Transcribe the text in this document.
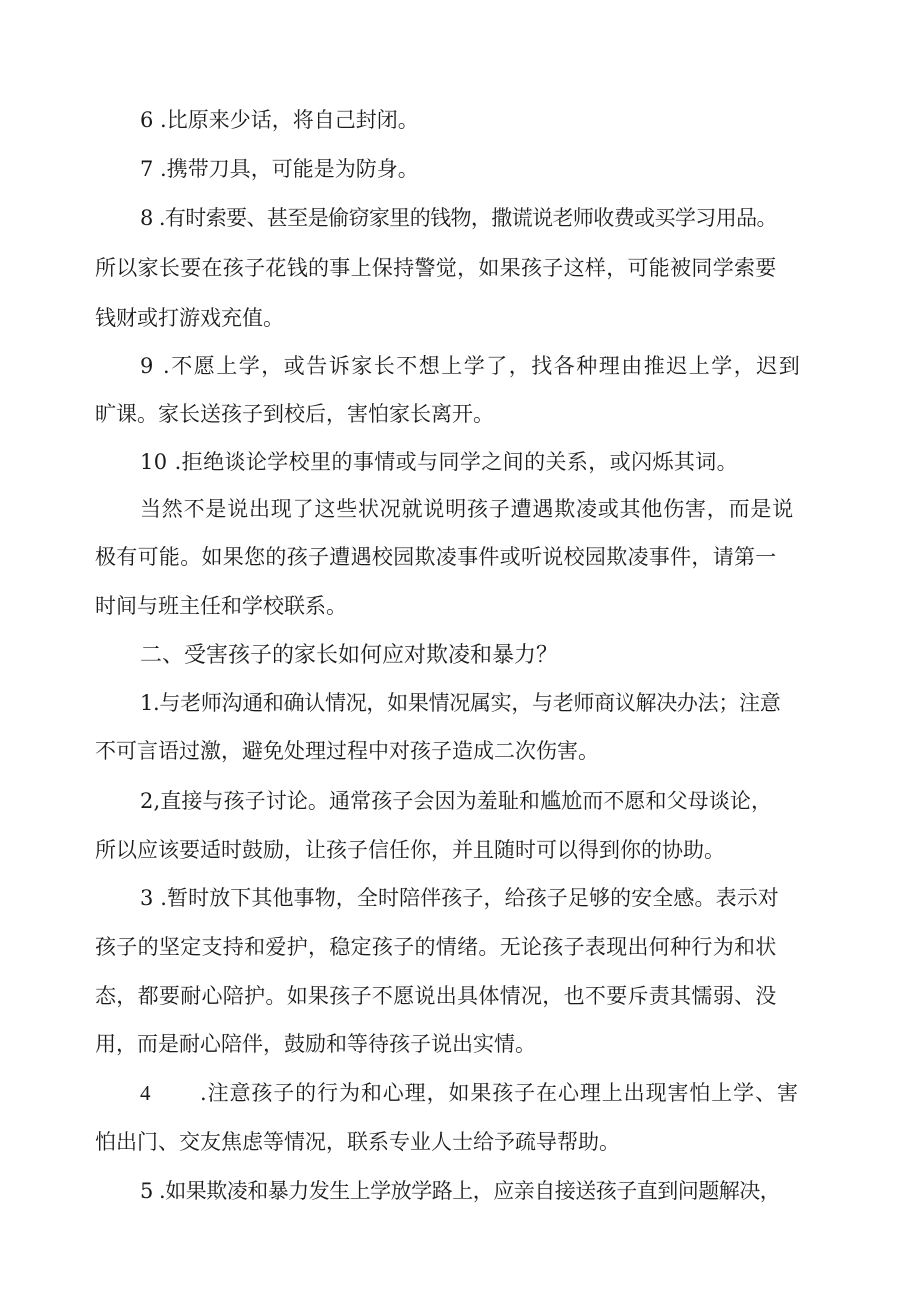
6 .比原来少话，将自己封闭。
7 .携带刀具，可能是为防身。
8 .有时索要、甚至是偷窃家里的钱物，撒谎说老师收费或买学习用品。
所以家长要在孩子花钱的事上保持警觉，如果孩子这样，可能被同学索要
钱财或打游戏充值。
9 .不愿上学，或告诉家长不想上学了，找各种理由推迟上学，迟到
旷课。家长送孩子到校后，害怕家长离开。
10 .拒绝谈论学校里的事情或与同学之间的关系，或闪烁其词。
当然不是说出现了这些状况就说明孩子遭遇欺凌或其他伤害，而是说
极有可能。如果您的孩子遭遇校园欺凌事件或听说校园欺凌事件，请第一
时间与班主任和学校联系。
二、受害孩子的家长如何应对欺凌和暴力？
1.与老师沟通和确认情况，如果情况属实，与老师商议解决办法；注意
不可言语过激，避免处理过程中对孩子造成二次伤害。
2,直接与孩子讨论。通常孩子会因为羞耻和尴尬而不愿和父母谈论，
所以应该要适时鼓励，让孩子信任你，并且随时可以得到你的协助。
3 .暂时放下其他事物，全时陪伴孩子，给孩子足够的安全感。表示对
孩子的坚定支持和爱护，稳定孩子的情绪。无论孩子表现出何种行为和状
态，都要耐心陪护。如果孩子不愿说出具体情况，也不要斥责其懦弱、没
用，而是耐心陪伴，鼓励和等待孩子说出实情。
4 .注意孩子的行为和心理，如果孩子在心理上出现害怕上学、害
怕出门、交友焦虑等情况，联系专业人士给予疏导帮助。
5 .如果欺凌和暴力发生上学放学路上，应亲自接送孩子直到问题解决，
